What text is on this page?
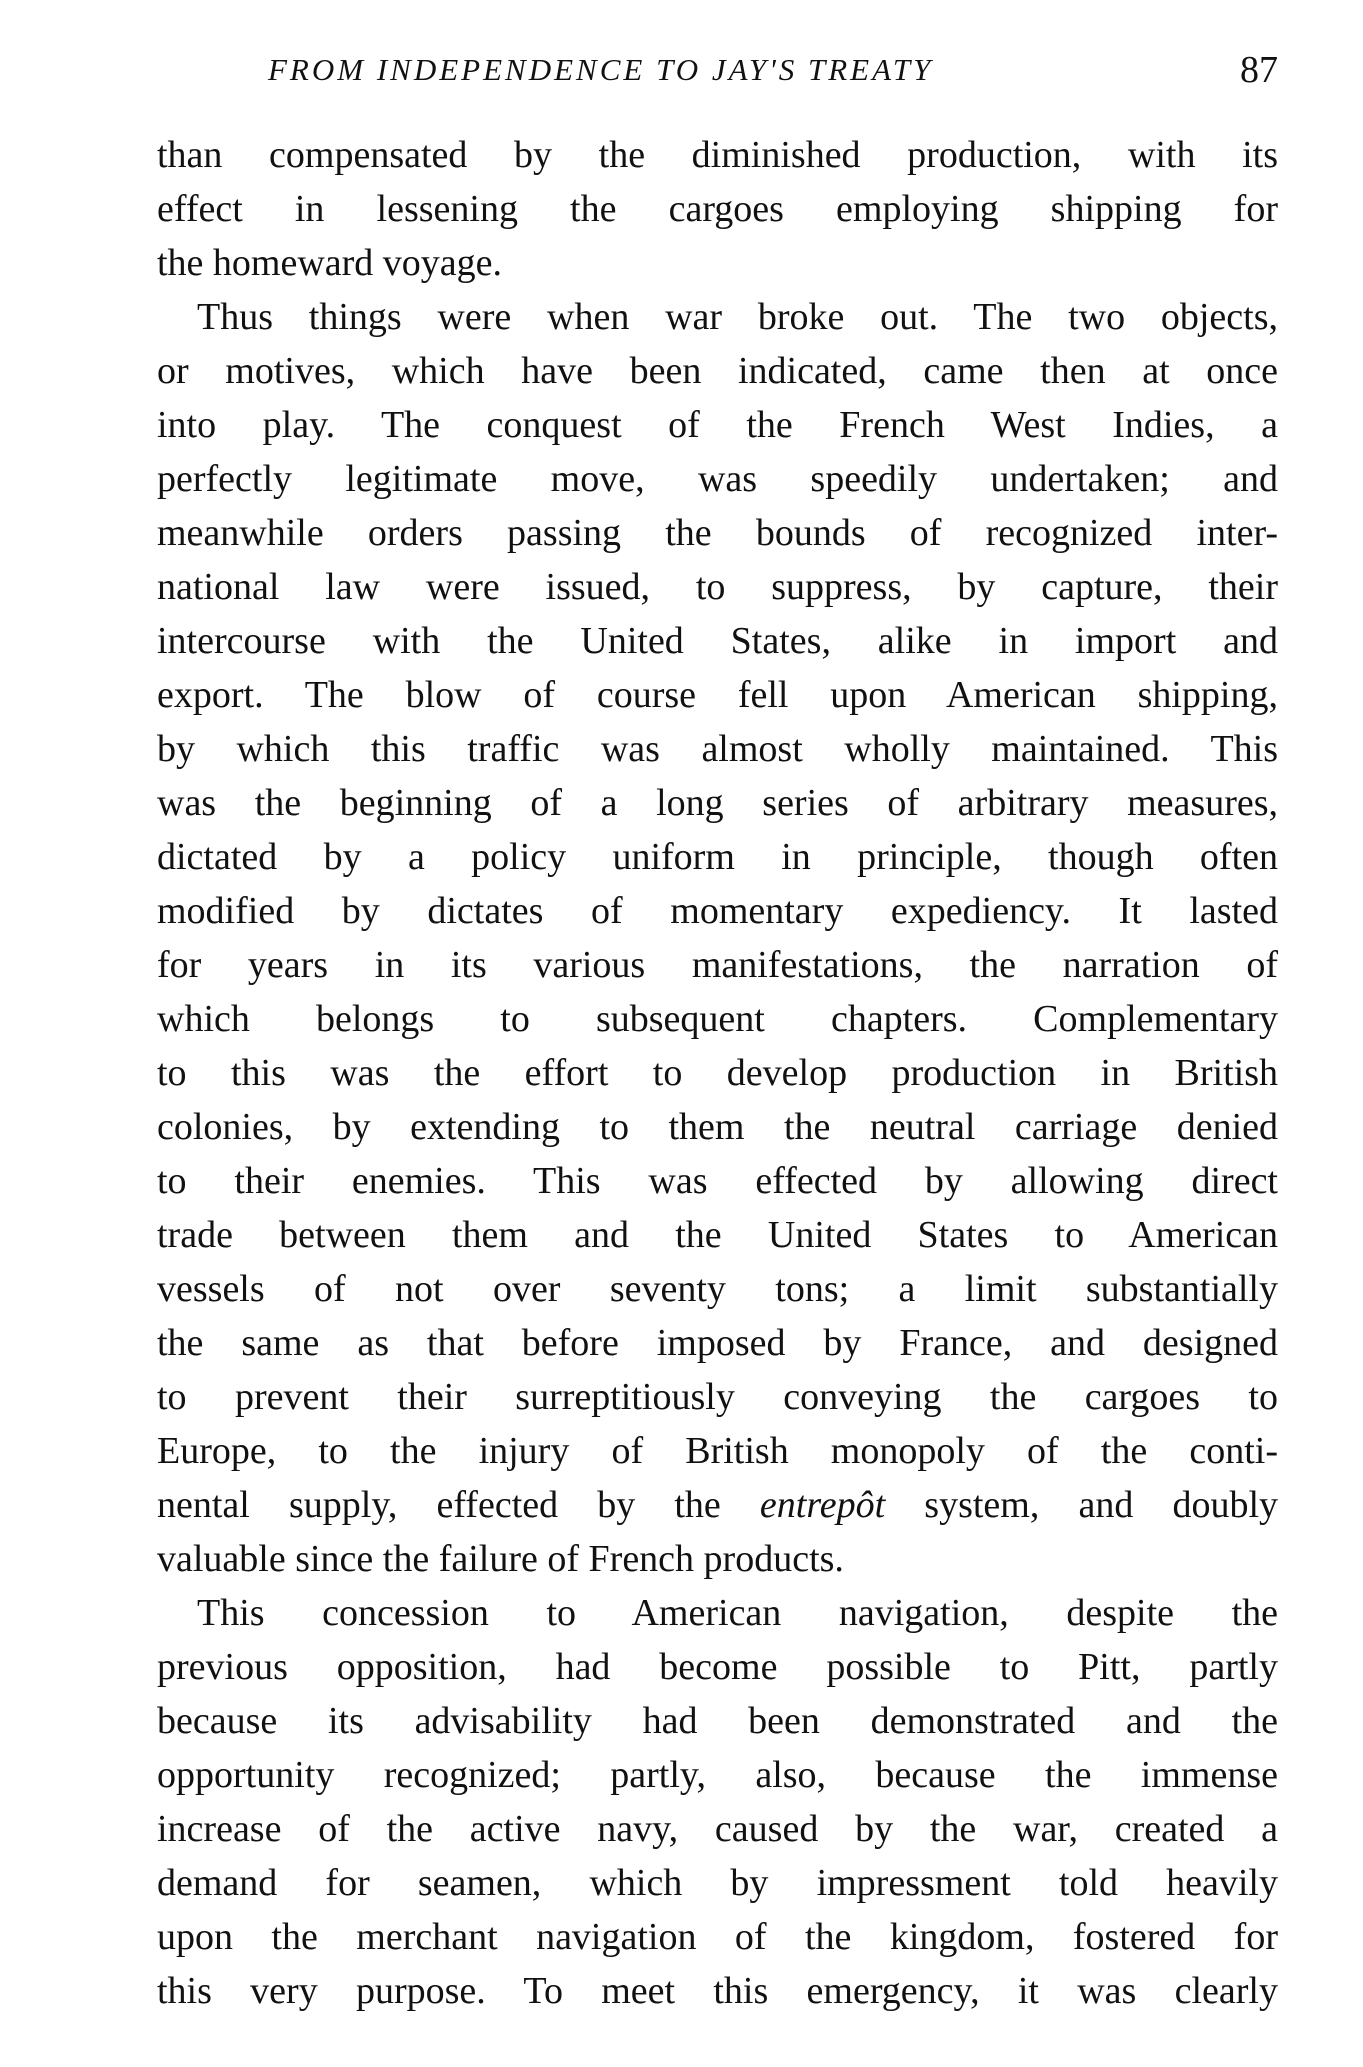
FROM INDEPENDENCE TO JAY'S TREATY	87
than compensated by the diminished production, with its
effect in lessening the cargoes employing shipping for
the homeward voyage.
Thus things were when war broke out. The two objects,
or motives, which have been indicated, came then at once
into play. The conquest of the French West Indies, a
perfectly legitimate move, was speedily undertaken; and
meanwhile orders passing the bounds of recognized inter-
national law were issued, to suppress, by capture, their
intercourse with the United States, alike in import and
export. The blow of course fell upon American shipping,
by which this traffic was almost wholly maintained. This
was the beginning of a long series of arbitrary measures,
dictated by a policy uniform in principle, though often
modified by dictates of momentary expediency. It lasted
for years in its various manifestations, the narration of
which belongs to subsequent chapters. Complementary
to this was the effort to develop production in British
colonies, by extending to them the neutral carriage denied
to their enemies. This was effected by allowing direct
trade between them and the United States to American
vessels of not over seventy tons; a limit substantially
the same as that before imposed by France, and designed
to prevent their surreptitiously conveying the cargoes to
Europe, to the injury of British monopoly of the conti-
nental supply, effected by the entrepôt system, and doubly
valuable since the failure of French products.
This concession to American navigation, despite the
previous opposition, had become possible to Pitt, partly
because its advisability had been demonstrated and the
opportunity recognized; partly, also, because the immense
increase of the active navy, caused by the war, created a
demand for seamen, which by impressment told heavily
upon the merchant navigation of the kingdom, fostered for
this very purpose. To meet this emergency, it was clearly
